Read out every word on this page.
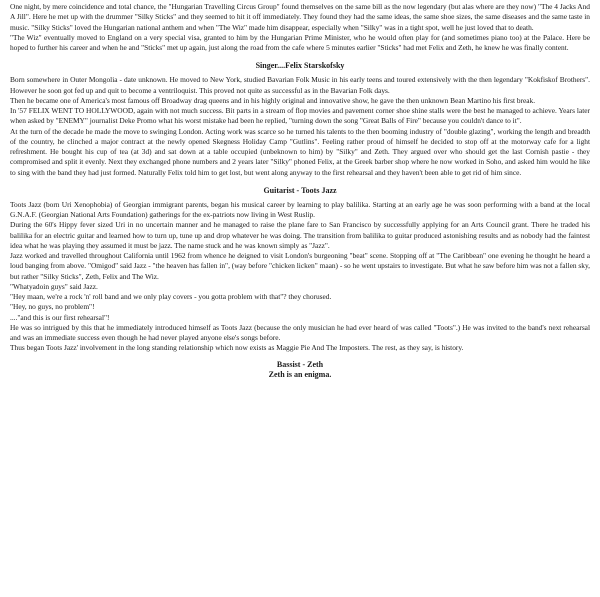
One night, by mere coincidence and total chance, the "Hungarian Travelling Circus Group" found themselves on the same bill as the now legendary (but alas where are they now) "The 4 Jacks And A Jill". Here he met up with the drummer "Silky Sticks" and they seemed to hit it off immediately. They found they had the same ideas, the same shoe sizes, the same diseases and the same taste in music. "Silky Sticks" loved the Hungarian national anthem and when "The Wiz" made him disappear, especially when "Silky" was in a tight spot, well he just loved that to death.

"The Wiz" eventually moved to England on a very special visa, granted to him by the Hungarian Prime Minister, who he would often play for (and sometimes piano too) at the Palace. Here be hoped to further his career and when he and "Sticks" met up again, just along the road from the cafe where 5 minutes earlier "Sticks" had met Felix and Zeth, he knew he was finally content.

Singer....Felix Starskofsky

Born somewhere in Outer Mongolia - date unknown. He moved to New York, studied Bavarian Folk Music in his early teens and toured extensively with the then legendary "Kokfiskof Brothers". However he soon got fed up and quit to become a ventriloquist. This proved not quite as successful as in the Bavarian Folk days.

Then he became one of America's most famous off Broadway drag queens and in his highly original and innovative show, he gave the then unknown Bean Martino his first break.

In '57 FELIX WENT TO HOLLYWOOD, again with not much success. Bit parts in a stream of flop movies and pavement corner shoe shine stalls were the best he managed to achieve. Years later when asked by "ENEMY" journalist Deke Promo what his worst mistake had been he replied, "turning down the song "Great Balls of Fire" because you couldn't dance to it".

At the turn of the decade he made the move to swinging London. Acting work was scarce so he turned his talents to the then booming industry of "double glazing", working the length and breadth of the country, he clinched a major contract at the newly opened Skegness Holiday Camp "Gutlins". Feeling rather proud of himself he decided to stop off at the motorway cafe for a light refreshment. He bought his cup of tea (at 3d) and sat down at a table occupied (unbeknown to him) by "Silky" and Zeth. They argued over who should get the last Cornish pastie - they compromised and split it evenly. Next they exchanged phone numbers and 2 years later "Silky" phoned Felix, at the Greek barber shop where he now worked in Soho, and asked him would he like to sing with the band they had just formed. Naturally Felix told him to get lost, but went along anyway to the first rehearsal and they haven't been able to get rid of him since.

Guitarist - Toots Jazz

Toots Jazz (born Uri Xenophobia) of Georgian immigrant parents, began his musical career by learning to play balilika. Starting at an early age he was soon performing with a band at the local G.N.A.F. (Georgian National Arts Foundation) gatherings for the ex-patriots now living in West Ruslip.

During the 60's Hippy fever sized Uri in no uncertain manner and he managed to raise the plane fare to San Francisco by successfully applying for an Arts Council grant. There he traded his balilika for an electric guitar and learned how to turn up, tune up and drop whatever he was doing. The transition from balilika to guitar produced astonishing results and as nobody had the faintest idea what he was playing they assumed it must be jazz. The name stuck and he was known simply as "Jazz".

Jazz worked and travelled throughout California until 1962 from whence he deigned to visit London's burgeoning "beat" scene. Stopping off at "The Caribbean" one evening he thought he heard a loud banging from above. "Omigod" said Jazz - "the heaven has fallen in", (way before "chicken licken" maan) - so he went upstairs to investigate. But what he saw before him was not a fallen sky, but rather "Silky Sticks", Zeth, Felix and The Wiz.

"Whatyadoin guys" said Jazz.

"Hey maan, we're a rock 'n' roll band and we only play covers - you gotta problem with that"? they chorused.

"Hey, no guys, no problem"!

...."and this is our first rehearsal"!

He was so intrigued by this that he immediately introduced himself as Toots Jazz (because the only musician he had ever heard of was called "Toots".) He was invited to the band's next rehearsal and was an immediate success even though he had never played anyone else's songs before.

Thus began Toots Jazz' involvement in the long standing relationship which now exists as Maggie Pie And The Imposters. The rest, as they say, is history.

Bassist - Zeth
Zeth is an enigma.
